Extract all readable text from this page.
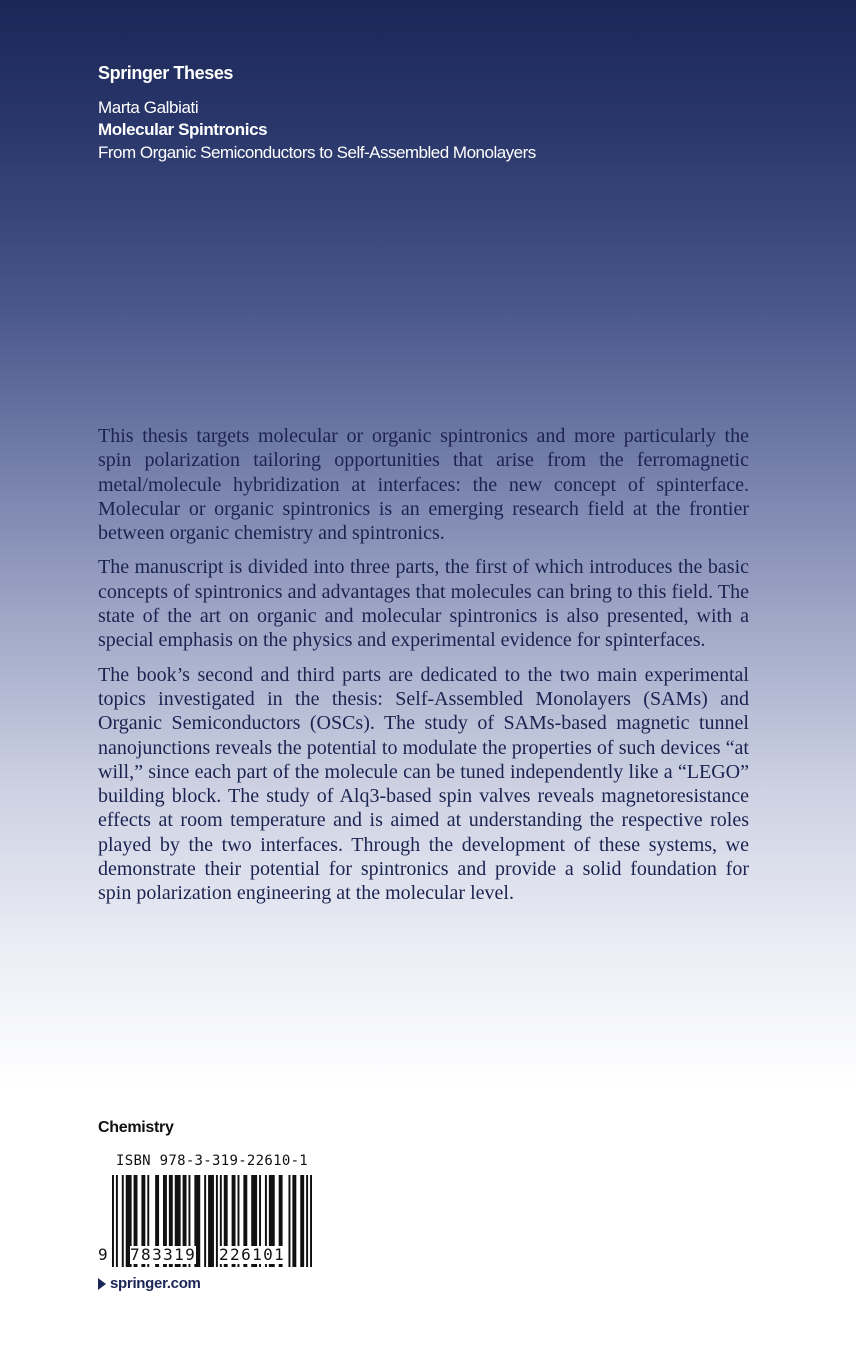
Springer Theses
Marta Galbiati
Molecular Spintronics
From Organic Semiconductors to Self-Assembled Monolayers

This thesis targets molecular or organic spintronics and more particularly the spin polarization tailoring opportunities that arise from the ferromagnetic metal/molecule hybridization at interfaces: the new concept of spinterface. Molecular or organic spintronics is an emerging research field at the frontier between organic chemistry and spintronics.

The manuscript is divided into three parts, the first of which introduces the basic concepts of spintronics and advantages that molecules can bring to this field. The state of the art on organic and molecular spintronics is also presented, with a special emphasis on the physics and experimental evidence for spinterfaces.

The book’s second and third parts are dedicated to the two main experimental topics investigated in the thesis: Self-Assembled Monolayers (SAMs) and Organic Semiconductors (OSCs). The study of SAMs-based magnetic tunnel nanojunctions reveals the potential to modulate the properties of such devices “at will,” since each part of the molecule can be tuned independently like a “LEGO” building block. The study of Alq3-based spin valves reveals magnetoresistance effects at room temperature and is aimed at understanding the respective roles played by the two interfaces. Through the development of these systems, we demonstrate their potential for spintronics and provide a solid foundation for spin polarization engineering at the molecular level.

Chemistry
ISBN 978-3-319-22610-1
9 783319 226101
springer.com
